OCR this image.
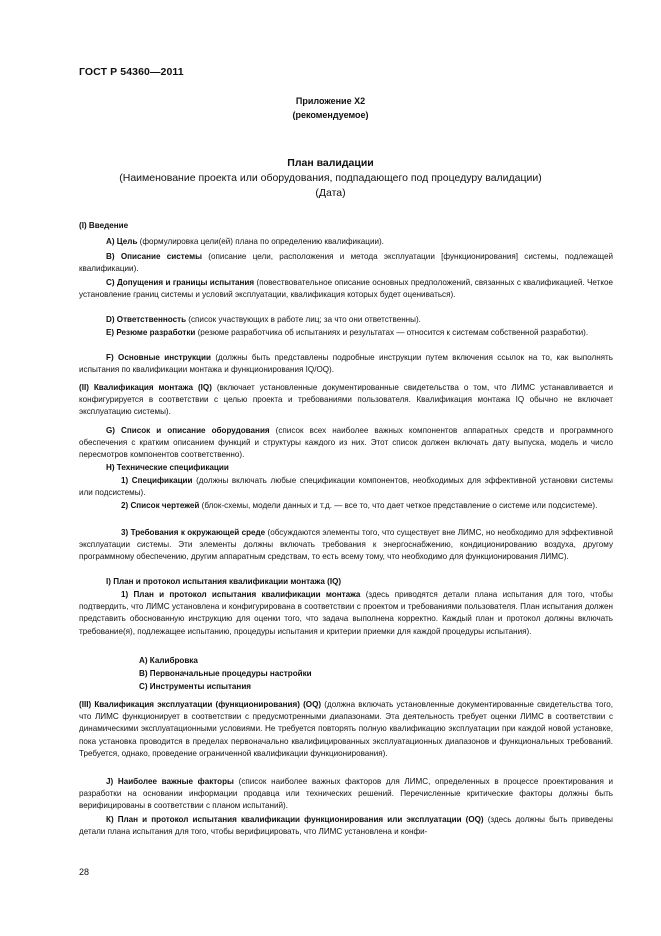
ГОСТ Р 54360—2011
Приложение Х2
(рекомендуемое)
План валидации
(Наименование проекта или оборудования, подпадающего под процедуру валидации)
(Дата)
(I) Введение

А) Цель (формулировка цели(ей) плана по определению квалификации).

В) Описание системы (описание цели, расположения и метода эксплуатации [функционирования] системы, подлежащей квалификации).

С) Допущения и границы испытания (повествовательное описание основных предположений, связанных с квалификацией. Четкое установление границ системы и условий эксплуатации, квалификация которых будет оцениваться).

D) Ответственность (список участвующих в работе лиц; за что они ответственны).

Е) Резюме разработки (резюме разработчика об испытаниях и результатах — относится к системам собственной разработки).

F) Основные инструкции (должны быть представлены подробные инструкции путем включения ссылок на то, как выполнять испытания по квалификации монтажа и функционирования IQ/OQ).

(II) Квалификация монтажа (IQ) (включает установленные документированные свидетельства о том, что ЛИМС устанавливается и конфигурируется в соответствии с целью проекта и требованиями пользователя. Квалификация монтажа IQ обычно не включает эксплуатацию системы).

G) Список и описание оборудования (список всех наиболее важных компонентов аппаратных средств и программного обеспечения с кратким описанием функций и структуры каждого из них. Этот список должен включать дату выпуска, модель и число пересмотров компонентов соответственно).

Н) Технические спецификации

1) Спецификации (должны включать любые спецификации компонентов, необходимых для эффективной установки системы или подсистемы).

2) Список чертежей (блок-схемы, модели данных и т.д. — все то, что дает четкое представление о системе или подсистеме).

3) Требования к окружающей среде (обсуждаются элементы того, что существует вне ЛИМС, но необходимо для эффективной эксплуатации системы. Эти элементы должны включать требования к энергоснабжению, кондиционированию воздуха, другому программному обеспечению, другим аппаратным средствам, то есть всему тому, что необходимо для функционирования ЛИМС).

I) План и протокол испытания квалификации монтажа (IQ)

1) План и протокол испытания квалификации монтажа (здесь приводятся детали плана испытания для того, чтобы подтвердить, что ЛИМС установлена и конфигурирована в соответствии с проектом и требованиями пользователя. План испытания должен представить обоснованную инструкцию для оценки того, что задача выполнена корректно. Каждый план и протокол должны включать требование(я), подлежащее испытанию, процедуры испытания и критерии приемки для каждой процедуры испытания).

А) Калибровка
В) Первоначальные процедуры настройки
С) Инструменты испытания

(III) Квалификация эксплуатации (функционирования) (OQ) (должна включать установленные документированные свидетельства того, что ЛИМС функционирует в соответствии с предусмотренными диапазонами. Эта деятельность требует оценки ЛИМС в соответствии с динамическими эксплуатационными условиями. Не требуется повторять полную квалификацию эксплуатации при каждой новой установке, пока установка проводится в пределах первоначально квалифицированных эксплуатационных диапазонов и функциональных требований. Требуется, однако, проведение ограниченной квалификации функционирования).

J) Наиболее важные факторы (список наиболее важных факторов для ЛИМС, определенных в процессе проектирования и разработки на основании информации продавца или технических решений. Перечисленные критические факторы должны быть верифицированы в соответствии с планом испытаний).

К) План и протокол испытания квалификации функционирования или эксплуатации (OQ) (здесь должны быть приведены детали плана испытания для того, чтобы верифицировать, что ЛИМС установлена и конфи-

28
